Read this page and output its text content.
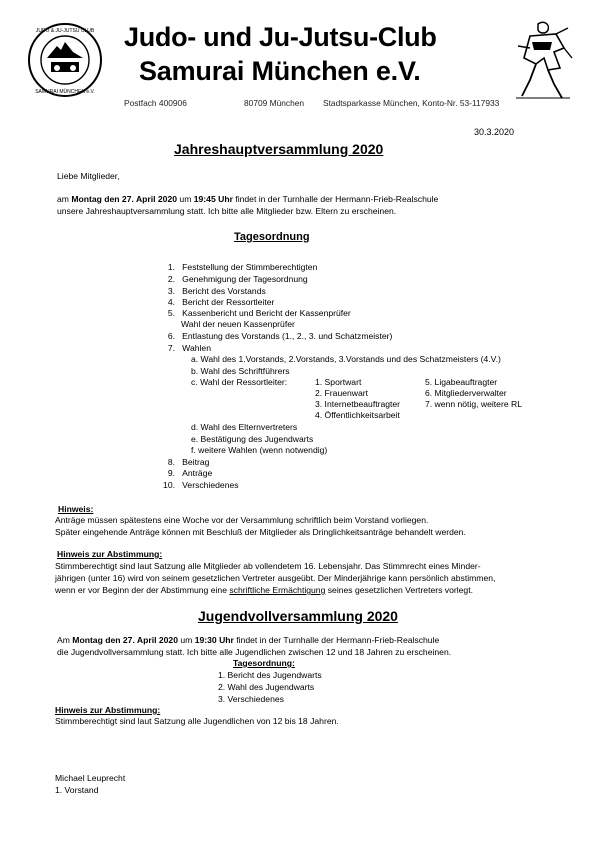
JUDO & JU-JUTSU CLUB
SAMURAI MÜNCHEN e.V.
Judo- und Ju-Jutsu-Club
Samurai München e.V.
Postfach 400906	80709 München Stadtsparkasse München, Konto-Nr. 53-117933
30.3.2020
Jahreshauptversammlung 2020
Liebe Mitglieder,
am Montag den 27. April 2020 um 19:45 Uhr findet in der Turnhalle der Hermann-Frieb-Realschule
unsere Jahreshauptversammlung statt. Ich bitte alle Mitglieder bzw. Eltern zu erscheinen.
Tagesordnung
1. Feststellung der Stimmberechtigten
2. Genehmigung der Tagesordnung
3. Bericht des Vorstands
4. Bericht der Ressortleiter
5. Kassenbericht und Bericht der Kassenprüfer
Wahl der neuen Kassenprüfer
6. Entlastung des Vorstands (1., 2., 3. und Schatzmeister)
7. Wahlen
a. Wahl des 1.Vorstands, 2.Vorstands, 3.Vorstands und des Schatzmeisters (4.V.)
b. Wahl des Schriftführers
c. Wahl der Ressortleiter:	1. Sportwart
2. Frauenwart
3. Internetbeauftragter
4. Öffentlichkeitsarbeit
5. Ligabeauftragter
6. Mitgliederverwalter
7. wenn nötig, weitere RL
d. Wahl des Elternvertreters
e. Bestätigung des Jugendwarts
f. weitere Wahlen (wenn notwendig)
8. Beitrag
9. Anträge
10. Verschiedenes
Hinweis:
Anträge müssen spätestens eine Woche vor der Versammlung schriftlich beim Vorstand vorliegen.
Später eingehende Anträge können mit Beschluß der Mitglieder als Dringlichkeitsanträge behandelt werden.
Hinweis zur Abstimmung:
Stimmberechtigt sind laut Satzung alle Mitglieder ab vollendetem 16. Lebensjahr. Das Stimmrecht eines Minder-
jährigen (unter 16) wird von seinem gesetzlichen Vertreter ausgeübt. Der Minderjährige kann persönlich abstimmen,
wenn er vor Beginn der der Abstimmung eine schriftliche Ermächtigung seines gesetzlichen Vertreters vorlegt.
Jugendvollversammlung 2020
Am Montag den 27. April 2020 um 19:30 Uhr findet in der Turnhalle der Hermann-Frieb-Realschule
die Jugendvollversammlung statt. Ich bitte alle Jugendlichen zwischen 12 und 18 Jahren zu erscheinen.
Tagesordnung:
1. Bericht des Jugendwarts
2. Wahl des Jugendwarts
3. Verschiedenes
Hinweis zur Abstimmung:
Stimmberechtigt sind laut Satzung alle Jugendlichen von 12 bis 18 Jahren.
Michael Leuprecht
1. Vorstand
